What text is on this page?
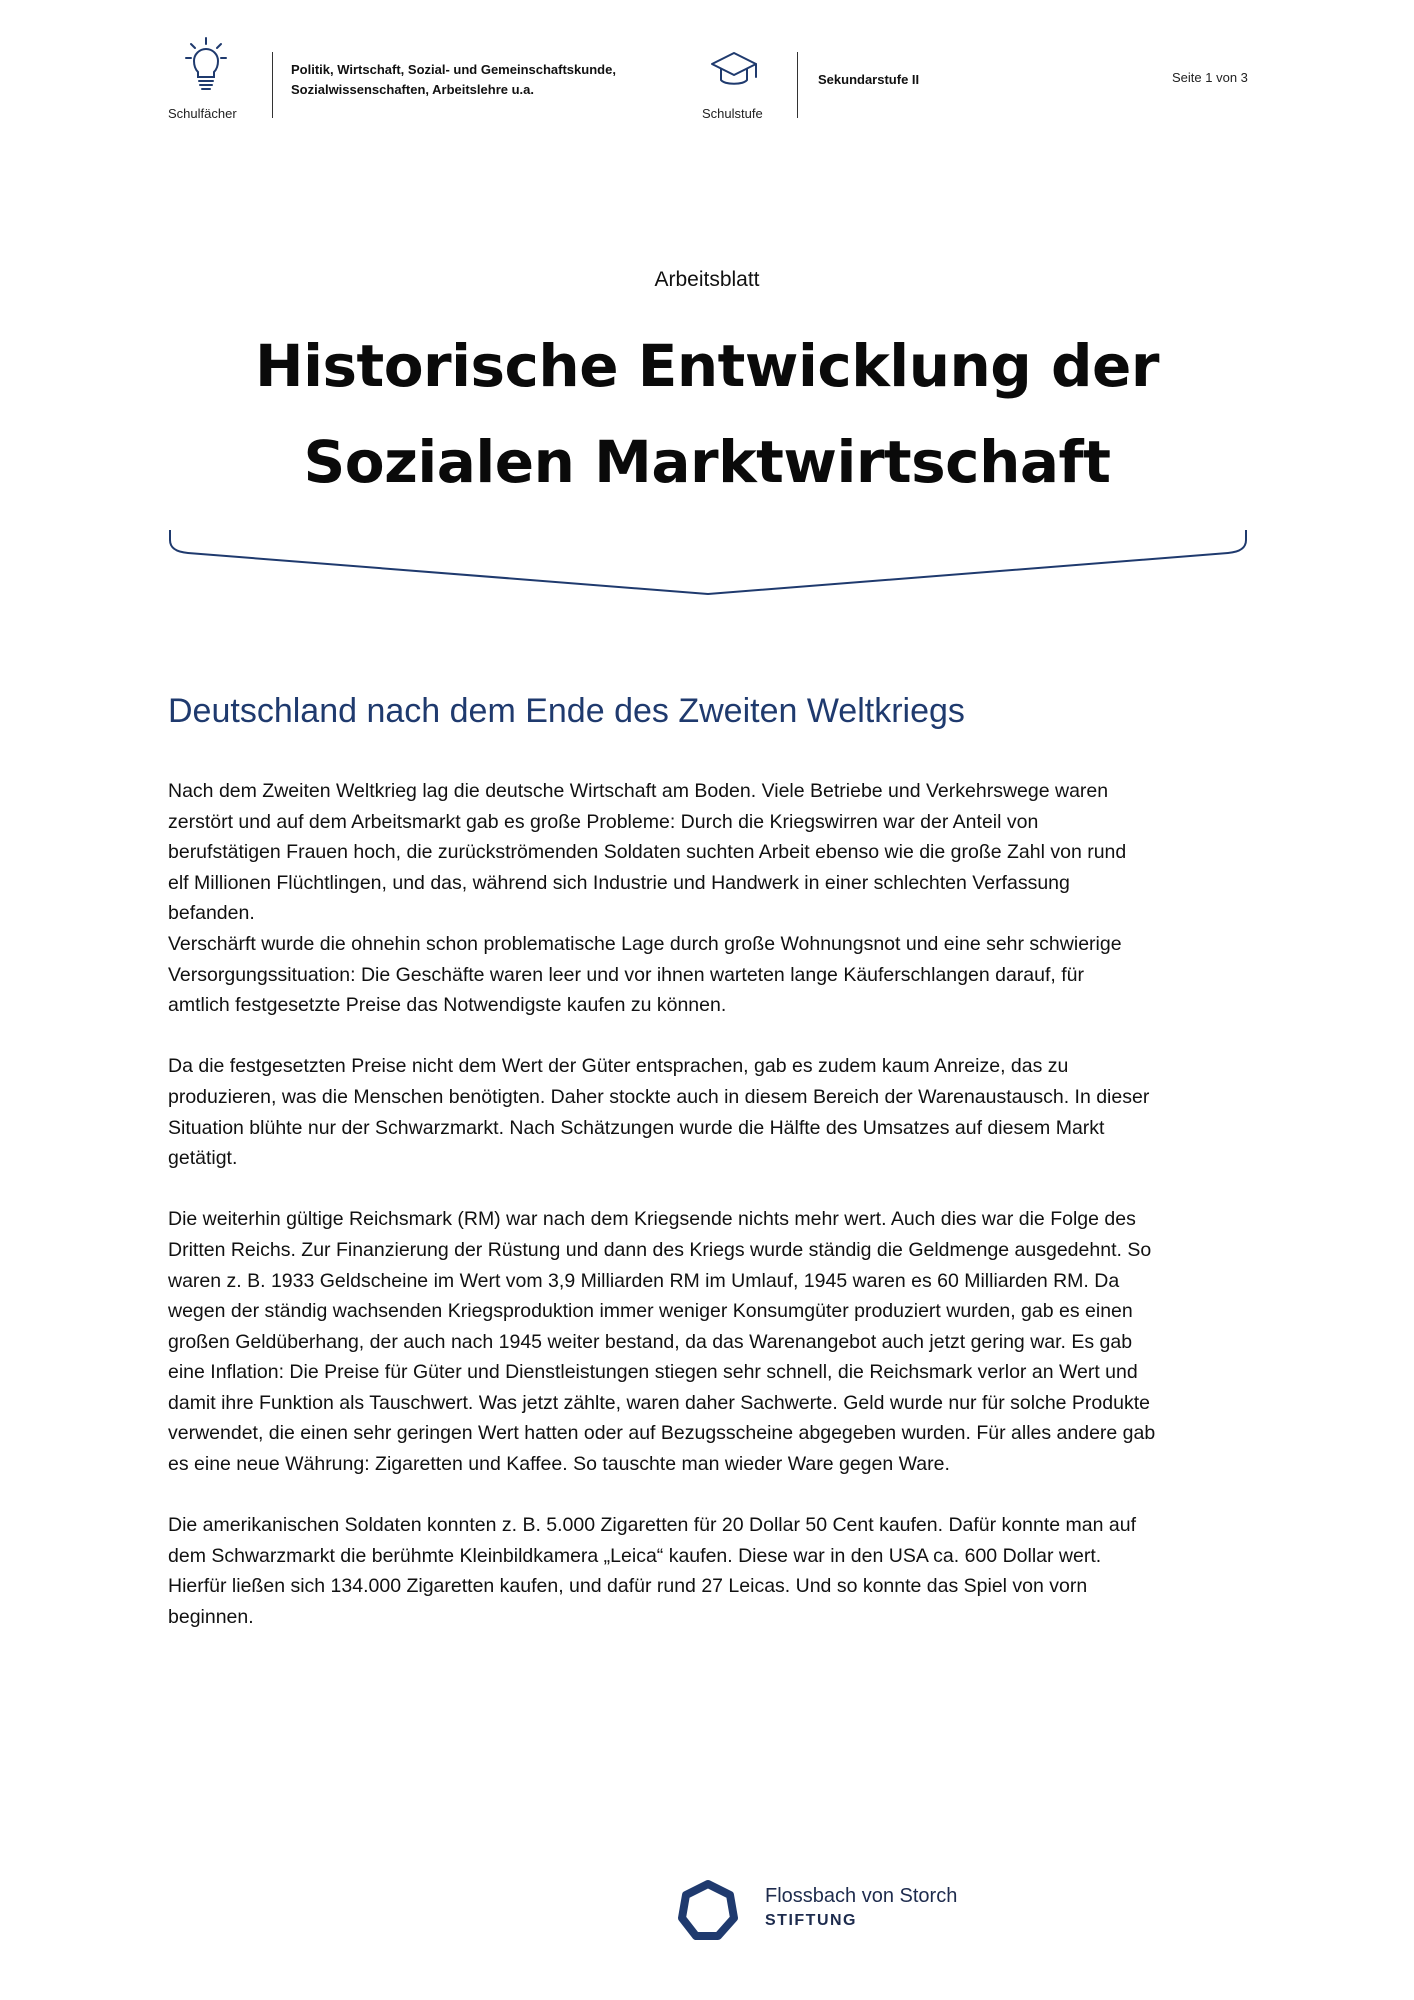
Schulfächer
Politik, Wirtschaft, Sozial- und Gemeinschaftskunde,
Sozialwissenschaften, Arbeitslehre u.a.
Schulstufe
Sekundarstufe II	Seite 1 von 3
Arbeitsblatt
Historische Entwicklung der
Sozialen Marktwirtschaft
Deutschland nach dem Ende des Zweiten Weltkriegs

Nach dem Zweiten Weltkrieg lag die deutsche Wirtschaft am Boden. Viele Betriebe und Verkehrswege waren
zerstört und auf dem Arbeitsmarkt gab es große Probleme: Durch die Kriegswirren war der Anteil von
berufstätigen Frauen hoch, die zurückströmenden Soldaten suchten Arbeit ebenso wie die große Zahl von rund
elf Millionen Flüchtlingen, und das, während sich Industrie und Handwerk in einer schlechten Verfassung
befanden.
Verschärft wurde die ohnehin schon problematische Lage durch große Wohnungsnot und eine sehr schwierige
Versorgungssituation: Die Geschäfte waren leer und vor ihnen warteten lange Käuferschlangen darauf, für
amtlich festgesetzte Preise das Notwendigste kaufen zu können.

Da die festgesetzten Preise nicht dem Wert der Güter entsprachen, gab es zudem kaum Anreize, das zu
produzieren, was die Menschen benötigten. Daher stockte auch in diesem Bereich der Warenaustausch. In dieser
Situation blühte nur der Schwarzmarkt. Nach Schätzungen wurde die Hälfte des Umsatzes auf diesem Markt
getätigt.

Die weiterhin gültige Reichsmark (RM) war nach dem Kriegsende nichts mehr wert. Auch dies war die Folge des
Dritten Reichs. Zur Finanzierung der Rüstung und dann des Kriegs wurde ständig die Geldmenge ausgedehnt. So
waren z. B. 1933 Geldscheine im Wert vom 3,9 Milliarden RM im Umlauf, 1945 waren es 60 Milliarden RM. Da
wegen der ständig wachsenden Kriegsproduktion immer weniger Konsumgüter produziert wurden, gab es einen
großen Geldüberhang, der auch nach 1945 weiter bestand, da das Warenangebot auch jetzt gering war. Es gab
eine Inflation: Die Preise für Güter und Dienstleistungen stiegen sehr schnell, die Reichsmark verlor an Wert und
damit ihre Funktion als Tauschwert. Was jetzt zählte, waren daher Sachwerte. Geld wurde nur für solche Produkte
verwendet, die einen sehr geringen Wert hatten oder auf Bezugsscheine abgegeben wurden. Für alles andere gab
es eine neue Währung: Zigaretten und Kaffee. So tauschte man wieder Ware gegen Ware.

Die amerikanischen Soldaten konnten z. B. 5.000 Zigaretten für 20 Dollar 50 Cent kaufen. Dafür konnte man auf
dem Schwarzmarkt die berühmte Kleinbildkamera „Leica“ kaufen. Diese war in den USA ca. 600 Dollar wert.
Hierfür ließen sich 134.000 Zigaretten kaufen, und dafür rund 27 Leicas. Und so konnte das Spiel von vorn
beginnen.

Flossbach von Storch
STIFTUNG
